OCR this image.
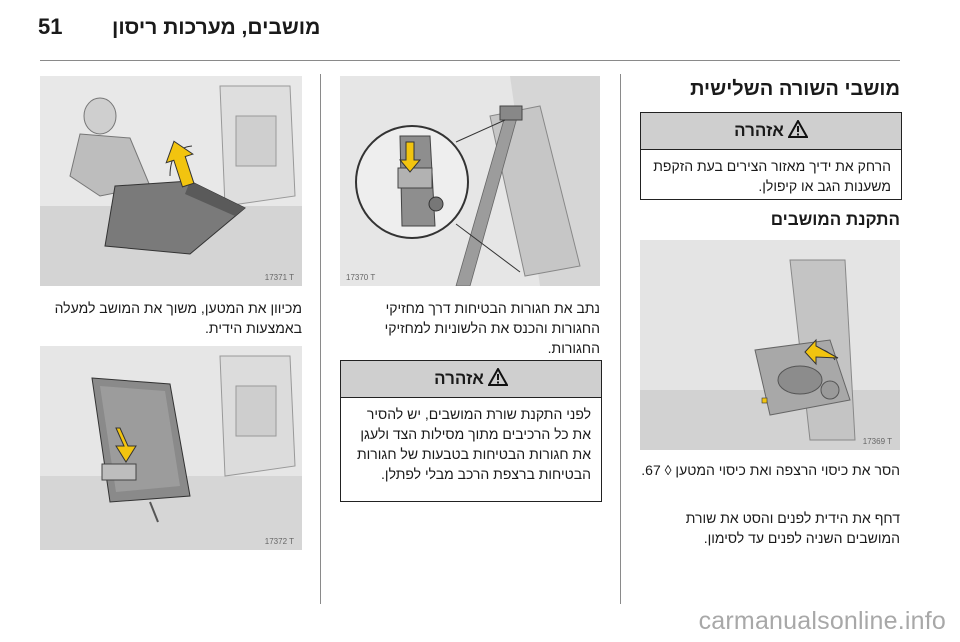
51 מושבים, מערכות ריסון
מושבי השורה השלישית
אזהרה
הרחק את ידיך מאזור הצירים בעת הזקפת משענות הגב או קיפולן.
התקנת המושבים
17369 T
הסר את כיסוי הרצפה ואת כיסוי המטען ◊ 67.
דחף את הידית לפנים והסט את שורת המושבים השניה לפנים עד לסימון.
17370 T
נתב את חגורות הבטיחות דרך מחזיקי החגורות והכנס את הלשוניות למחזיקי החגורות.
אזהרה
לפני התקנת שורת המושבים, יש להסיר את כל הרכיבים מתוך מסילות הצד ולעגן את חגורות הבטיחות בטבעות של חגורות הבטיחות ברצפת הרכב מבלי לפתלן.
17371 T
מכיוון את המטען, משוך את המושב למעלה באמצעות הידית.
17372 T
carmanualsonline.info
